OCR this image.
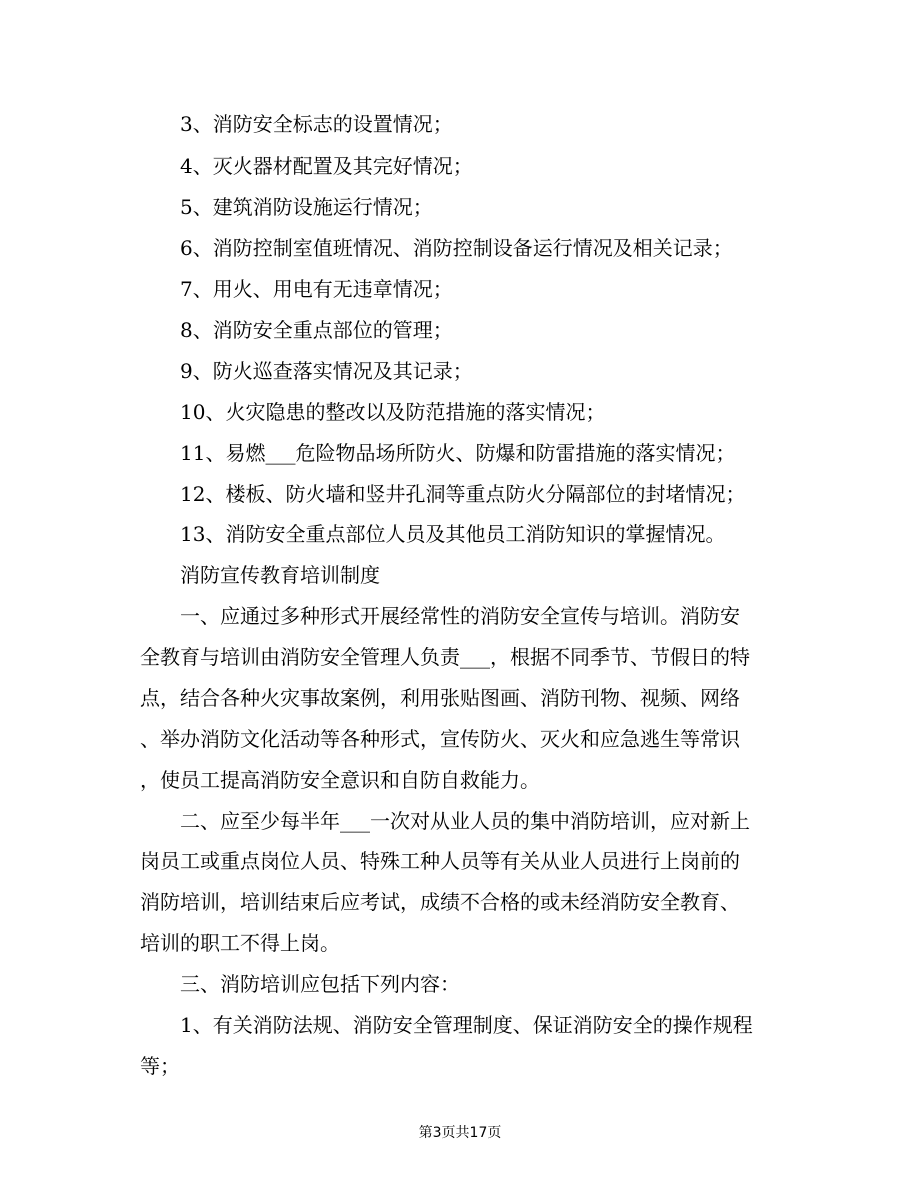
3、消防安全标志的设置情况；
4、灭火器材配置及其完好情况；
5、建筑消防设施运行情况；
6、消防控制室值班情况、消防控制设备运行情况及相关记录；
7、用火、用电有无违章情况；
8、消防安全重点部位的管理；
9、防火巡查落实情况及其记录；
10、火灾隐患的整改以及防范措施的落实情况；
11、易燃___危险物品场所防火、防爆和防雷措施的落实情况；
12、楼板、防火墙和竖井孔洞等重点防火分隔部位的封堵情况；
13、消防安全重点部位人员及其他员工消防知识的掌握情况。
消防宣传教育培训制度
一、应通过多种形式开展经常性的消防安全宣传与培训。消防安
全教育与培训由消防安全管理人负责___，根据不同季节、节假日的特
点，结合各种火灾事故案例，利用张贴图画、消防刊物、视频、网络
、举办消防文化活动等各种形式，宣传防火、灭火和应急逃生等常识
，使员工提高消防安全意识和自防自救能力。
二、应至少每半年___一次对从业人员的集中消防培训，应对新上
岗员工或重点岗位人员、特殊工种人员等有关从业人员进行上岗前的
消防培训，培训结束后应考试，成绩不合格的或未经消防安全教育、
培训的职工不得上岗。
三、消防培训应包括下列内容：
1、有关消防法规、消防安全管理制度、保证消防安全的操作规程
等；
第3页共17页
